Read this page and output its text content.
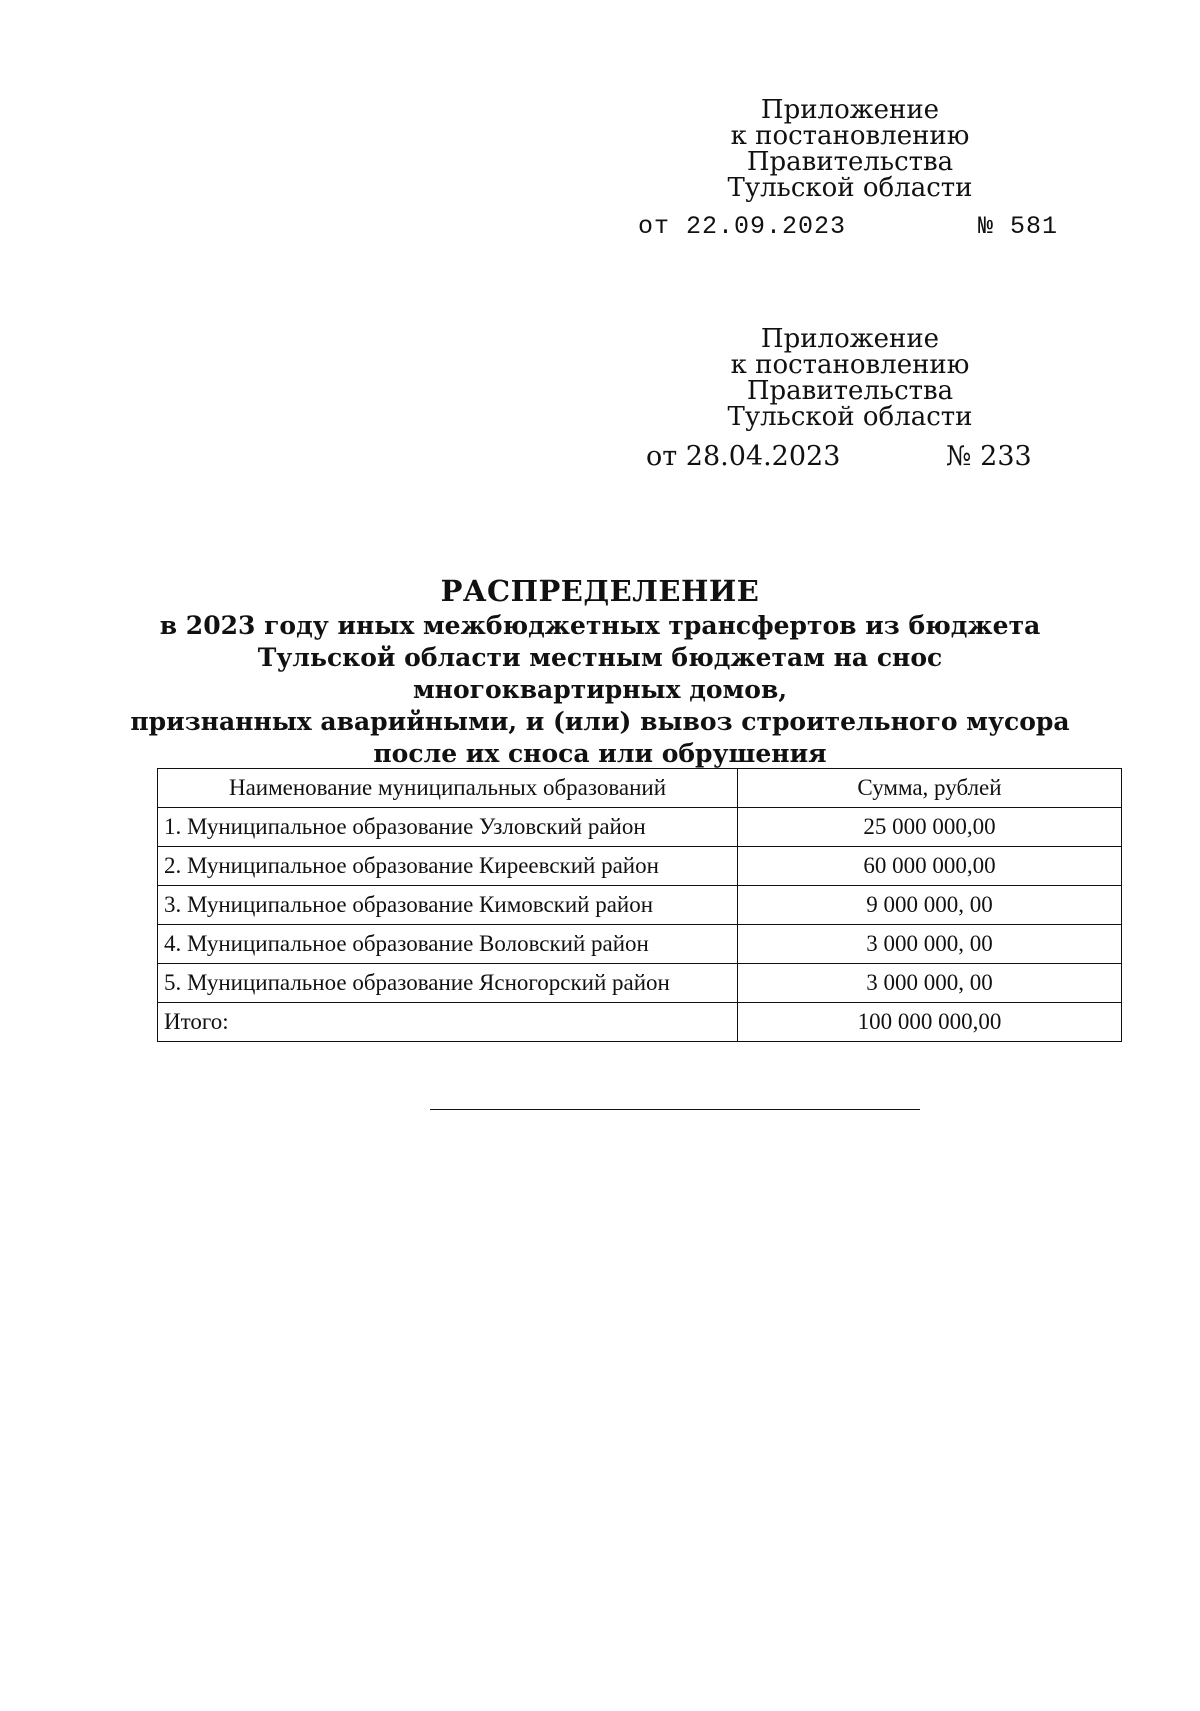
Приложение
к постановлению Правительства
Тульской области
от 22.09.2023	№ 581
Приложение
к постановлению Правительства
Тульской области
от 28.04.2023	№ 233
РАСПРЕДЕЛЕНИЕ
в 2023 году иных межбюджетных трансфертов из бюджета
Тульской области местным бюджетам на снос многоквартирных домов,
признанных аварийными, и (или) вывоз строительного мусора
после их сноса или обрушения
Наименование муниципальных образований	Сумма, рублей
1. Муниципальное образование Узловский район	25 000 000,00
2. Муниципальное образование Киреевский район	60 000 000,00
3. Муниципальное образование Кимовский район	9 000 000, 00
4. Муниципальное образование Воловский район	3 000 000, 00
5. Муниципальное образование Ясногорский район	3 000 000, 00
Итого:	100 000 000,00
